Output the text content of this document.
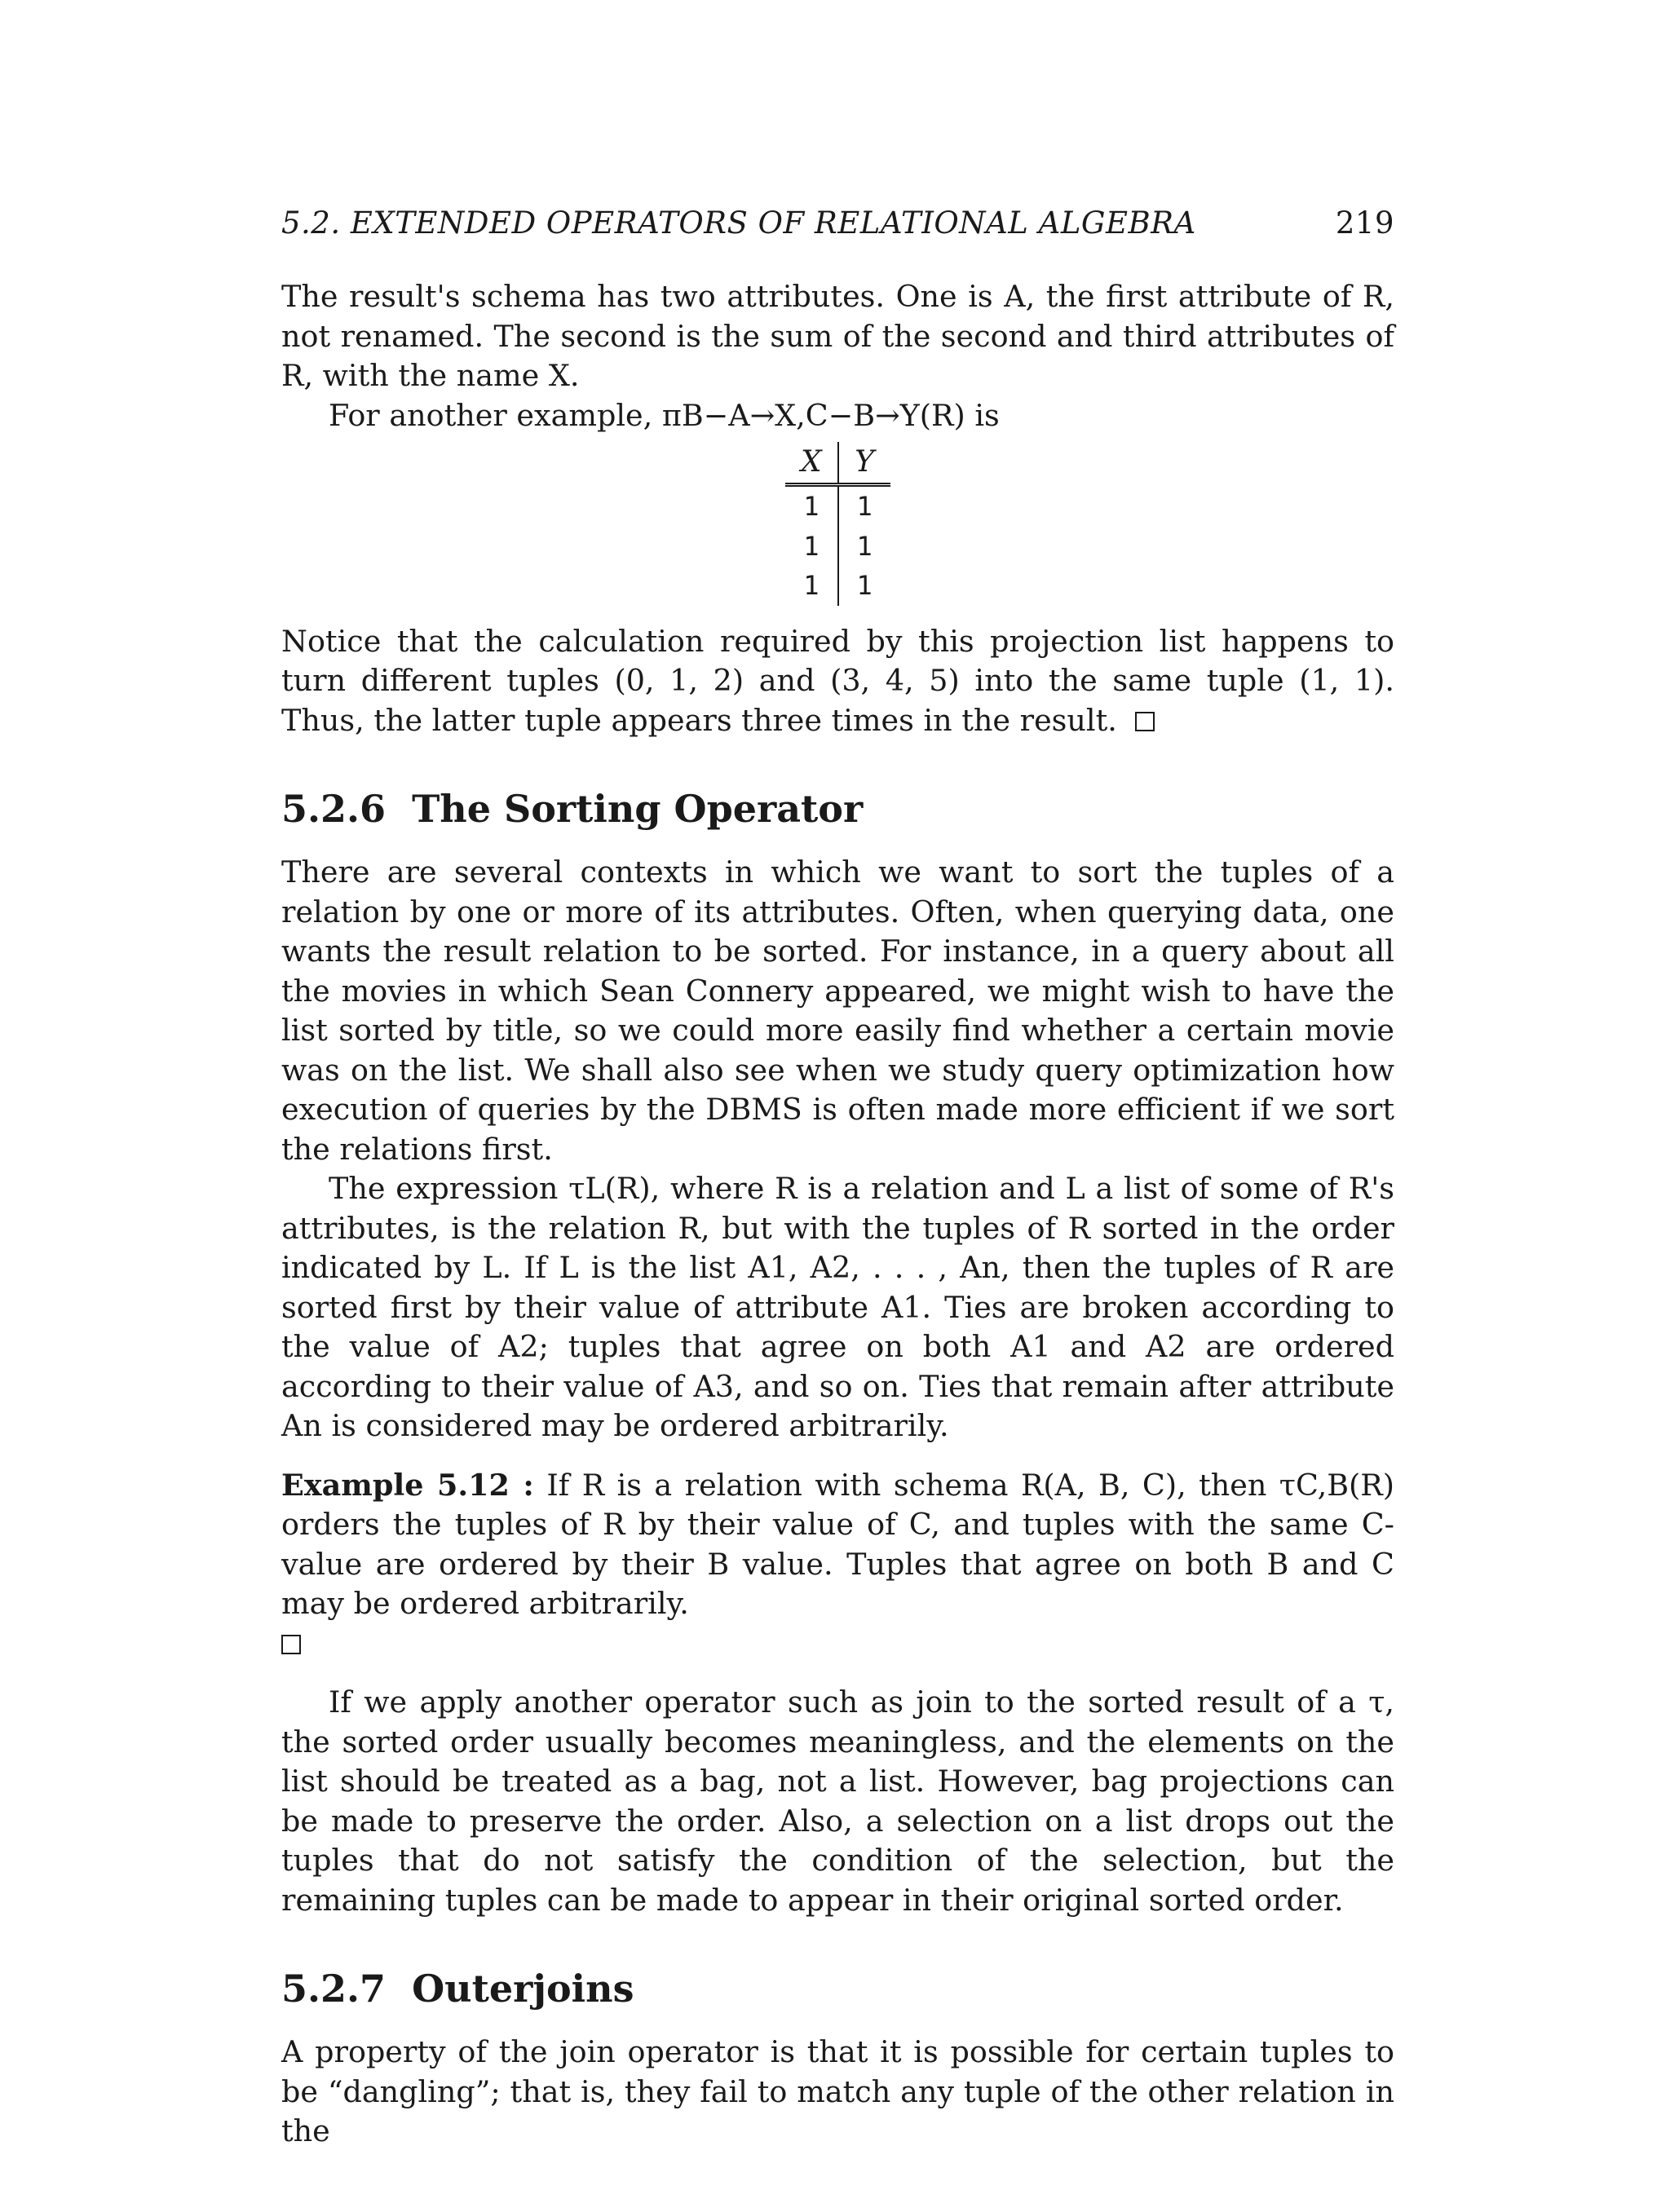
5.2. EXTENDED OPERATORS OF RELATIONAL ALGEBRA	219

The result's schema has two attributes. One is A, the first attribute of R, not renamed. The second is the sum of the second and third attributes of R, with the name X.

For another example, πB−A→X,C−B→Y(R) is

X	Y
1	1
1	1
1	1

Notice that the calculation required by this projection list happens to turn different tuples (0, 1, 2) and (3, 4, 5) into the same tuple (1, 1). Thus, the latter tuple appears three times in the result.

5.2.6 The Sorting Operator

There are several contexts in which we want to sort the tuples of a relation by one or more of its attributes. Often, when querying data, one wants the result relation to be sorted. For instance, in a query about all the movies in which Sean Connery appeared, we might wish to have the list sorted by title, so we could more easily find whether a certain movie was on the list. We shall also see when we study query optimization how execution of queries by the DBMS is often made more efficient if we sort the relations first.

The expression τL(R), where R is a relation and L a list of some of R's attributes, is the relation R, but with the tuples of R sorted in the order indicated by L. If L is the list A1, A2, . . . , An, then the tuples of R are sorted first by their value of attribute A1. Ties are broken according to the value of A2; tuples that agree on both A1 and A2 are ordered according to their value of A3, and so on. Ties that remain after attribute An is considered may be ordered arbitrarily.

Example 5.12 : If R is a relation with schema R(A, B, C), then τC,B(R) orders the tuples of R by their value of C, and tuples with the same C-value are ordered by their B value. Tuples that agree on both B and C may be ordered arbitrarily.

If we apply another operator such as join to the sorted result of a τ, the sorted order usually becomes meaningless, and the elements on the list should be treated as a bag, not a list. However, bag projections can be made to preserve the order. Also, a selection on a list drops out the tuples that do not satisfy the condition of the selection, but the remaining tuples can be made to appear in their original sorted order.

5.2.7 Outerjoins

A property of the join operator is that it is possible for certain tuples to be “dangling”; that is, they fail to match any tuple of the other relation in the
